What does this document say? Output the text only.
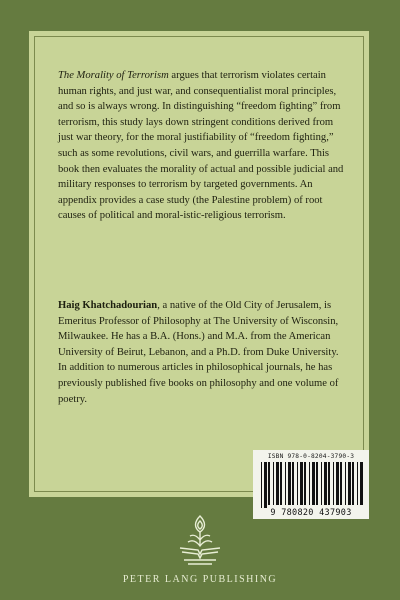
The Morality of Terrorism argues that terrorism violates certain human rights, and just war, and consequentialist moral principles, and so is always wrong. In distinguishing “freedom fighting” from terrorism, this study lays down stringent conditions derived from just war theory, for the moral justifiability of “freedom fighting,” such as some revolutions, civil wars, and guerrilla warfare. This book then evaluates the morality of actual and possible judicial and military responses to terrorism by targeted governments. An appendix provides a case study (the Palestine problem) of root causes of political and moral-istic-religious terrorism.
Haig Khatchadourian, a native of the Old City of Jerusalem, is Emeritus Professor of Philosophy at The University of Wisconsin, Milwaukee. He has a B.A. (Hons.) and M.A. from the American University of Beirut, Lebanon, and a Ph.D. from Duke University. In addition to numerous articles in philosophical journals, he has previously published five books on philosophy and one volume of poetry.
ISBN 978-0-8204-3790-3
9 780820 437903
PETER LANG PUBLISHING
